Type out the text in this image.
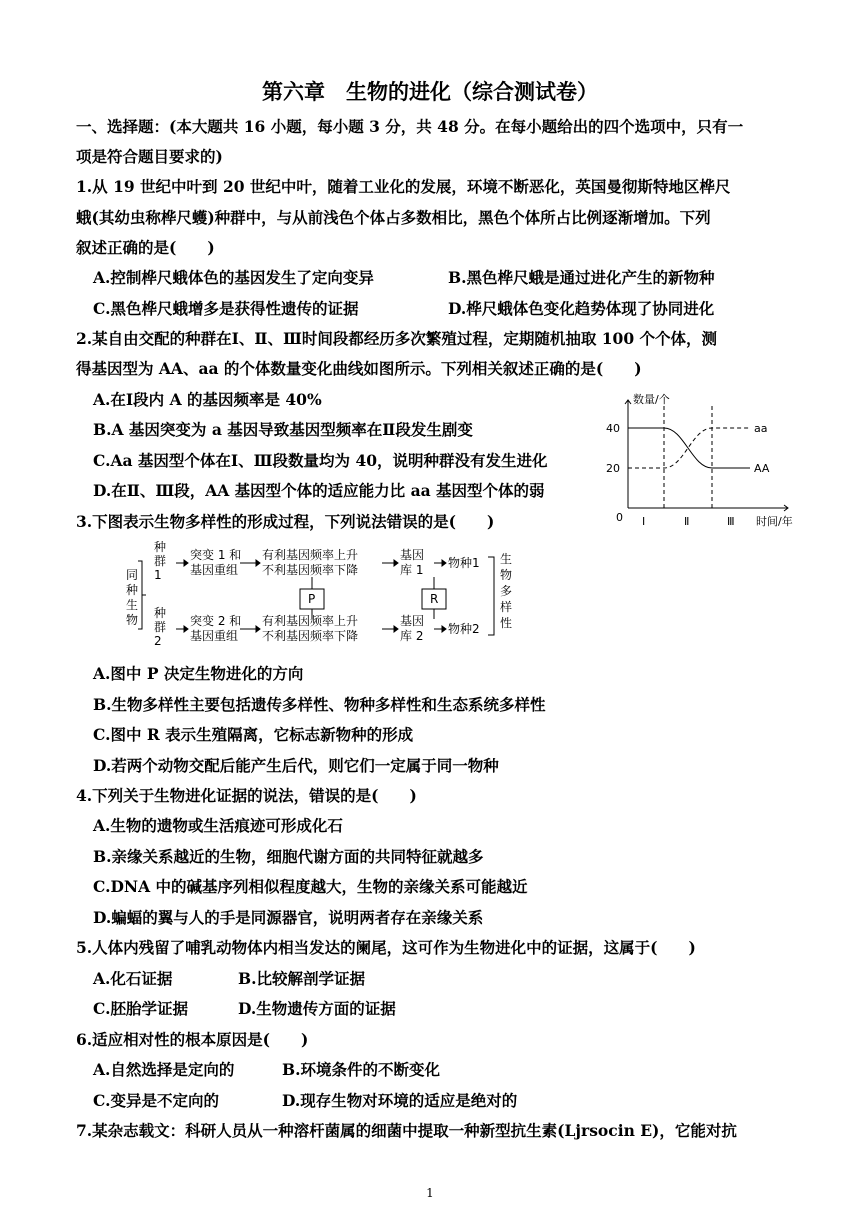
第六章　生物的进化（综合测试卷）
一、选择题：(本大题共 16 小题，每小题 3 分，共 48 分。在每小题给出的四个选项中，只有一
项是符合题目要求的)
1.从 19 世纪中叶到 20 世纪中叶，随着工业化的发展，环境不断恶化，英国曼彻斯特地区桦尺
蛾(其幼虫称桦尺蠖)种群中，与从前浅色个体占多数相比，黑色个体所占比例逐渐增加。下列
叙述正确的是(　　)
A.控制桦尺蛾体色的基因发生了定向变异	B.黑色桦尺蛾是通过进化产生的新物种
C.黑色桦尺蛾增多是获得性遗传的证据	D.桦尺蛾体色变化趋势体现了协同进化
2.某自由交配的种群在Ⅰ、Ⅱ、Ⅲ时间段都经历多次繁殖过程，定期随机抽取 100 个个体，测
得基因型为 AA、aa 的个体数量变化曲线如图所示。下列相关叙述正确的是(　　)
A.在Ⅰ段内 A 的基因频率是 40%
B.A 基因突变为 a 基因导致基因型频率在Ⅱ段发生剧变
C.Aa 基因型个体在Ⅰ、Ⅲ段数量均为 40，说明种群没有发生进化
D.在Ⅱ、Ⅲ段，AA 基因型个体的适应能力比 aa 基因型个体的弱
数量/个
时间/年
0
40
20
Ⅰ	Ⅱ	Ⅲ
aa
AA
3.下图表示生物多样性的形成过程，下列说法错误的是(　　)
同
种
生
物
种
群
1
种
群
2
突变 1 和
基因重组
突变 2 和
基因重组
有利基因频率上升
不利基因频率下降
有利基因频率上升
不利基因频率下降
基因
库 1
基因
库 2
P	R
物种1
物种2
生
物
多
样
性
A.图中 P 决定生物进化的方向
B.生物多样性主要包括遗传多样性、物种多样性和生态系统多样性
C.图中 R 表示生殖隔离，它标志新物种的形成
D.若两个动物交配后能产生后代，则它们一定属于同一物种
4.下列关于生物进化证据的说法，错误的是(　　)
A.生物的遗物或生活痕迹可形成化石
B.亲缘关系越近的生物，细胞代谢方面的共同特征就越多
C.DNA 中的碱基序列相似程度越大，生物的亲缘关系可能越近
D.蝙蝠的翼与人的手是同源器官，说明两者存在亲缘关系
5.人体内残留了哺乳动物体内相当发达的阑尾，这可作为生物进化中的证据，这属于(　　)
A.化石证据	B.比较解剖学证据
C.胚胎学证据	D.生物遗传方面的证据
6.适应相对性的根本原因是(　　)
A.自然选择是定向的	B.环境条件的不断变化
C.变异是不定向的	D.现存生物对环境的适应是绝对的
7.某杂志载文：科研人员从一种溶杆菌属的细菌中提取一种新型抗生素(Ljrsocin E)，它能对抗
1
